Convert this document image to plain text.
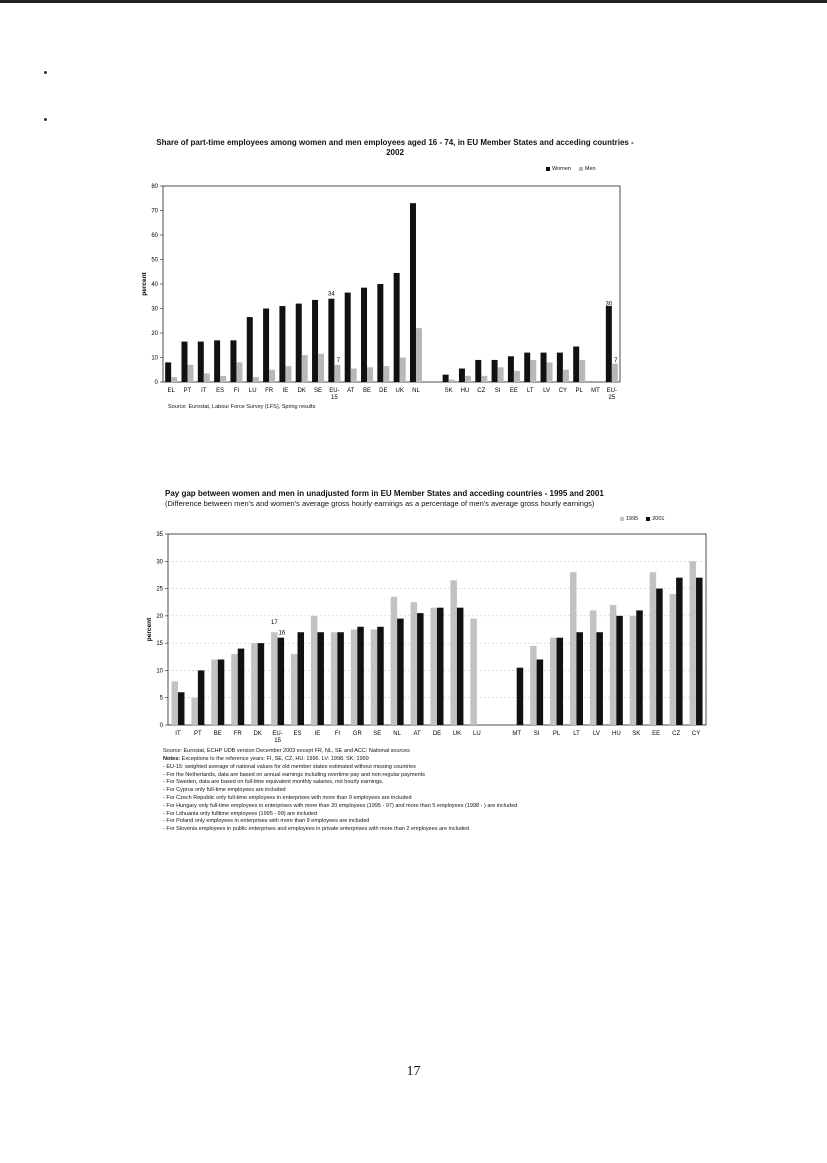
Share of part-time employees among women and men employees aged 16 - 74, in EU Member States and acceding countries - 2002
Women	Men
0
10
20
30
40
50
60
70
80
percent
EL PT IT ES FI LU FR IE DK SE EU-
15
AT BE DE UK NL	SK HU CZ SI EE LT LV CY PL MT EU-
25
34
7
30
7
Source: Eurostat, Labour Force Survey (LFS), Spring results
Pay gap between women and men in unadjusted form in EU Member States and acceding countries - 1995 and 2001
(Difference between men's and women's average gross hourly earnings as a percentage of men's average gross hourly earnings)
1995	2001
0
5
10
15
20
25
30
35
percent
IT PT BE FR DK EU-
15
ES IE FI GR SE NL AT DE UK LU	MT SI PL LT LV HU SK EE CZ CY
17
16
Source: Eurostat, ECHP UDB version December 2003 except FR, NL, SE and ACC: National sources
Notes: Exceptions to the reference years: FI, SE, CZ, HU: 1996. LV: 1998. SK: 1999
- EU-15: weighted average of national values for old member states estimated without missing countries
- For the Netherlands, data are based on annual earnings including overtime pay and non-regular payments
- For Sweden, data are based on full-time equivalent monthly salaries, not hourly earnings.
- For Cyprus only full-time employees are included
- For Czech Republic only full-time employees in enterprises with more than 9 employees are included
- For Hungary only full-time employees in enterprises with more than 20 employees (1995 - 97) and more than 5 employees (1998 - ) are included
- For Lithuania only fulltime employees (1995 - 99) are included
- For Poland only employees in enterprises with more than 9 employees are included
- For Slovenia employees in public enterprises and employees in private enterprises with more than 2 employees are included
17
